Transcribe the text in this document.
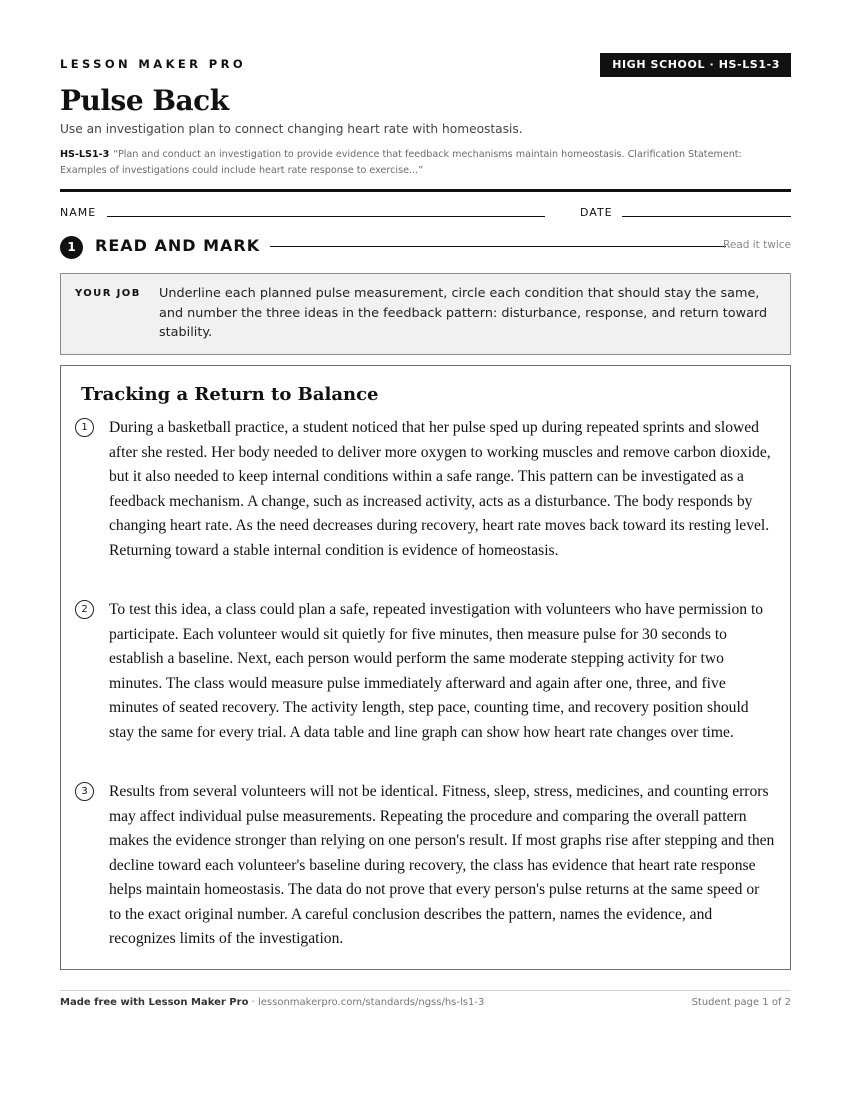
LESSON MAKER PRO	HIGH SCHOOL · HS-LS1-3
Pulse Back
Use an investigation plan to connect changing heart rate with homeostasis.
HS-LS1-3 “Plan and conduct an investigation to provide evidence that feedback mechanisms maintain homeostasis. Clarification Statement: Examples of investigations could include heart rate response to exercise...”
NAME	DATE
1	READ AND MARK	Read it twice
YOUR JOB Underline each planned pulse measurement, circle each condition that should stay the same, and number the three ideas in the feedback pattern: disturbance, response, and return toward stability.
Tracking a Return to Balance
1	During a basketball practice, a student noticed that her pulse sped up during repeated sprints and slowed after she rested. Her body needed to deliver more oxygen to working muscles and remove carbon dioxide, but it also needed to keep internal conditions within a safe range. This pattern can be investigated as a feedback mechanism. A change, such as increased activity, acts as a disturbance. The body responds by changing heart rate. As the need decreases during recovery, heart rate moves back toward its resting level. Returning toward a stable internal condition is evidence of homeostasis.
2	To test this idea, a class could plan a safe, repeated investigation with volunteers who have permission to participate. Each volunteer would sit quietly for five minutes, then measure pulse for 30 seconds to establish a baseline. Next, each person would perform the same moderate stepping activity for two minutes. The class would measure pulse immediately afterward and again after one, three, and five minutes of seated recovery. The activity length, step pace, counting time, and recovery position should stay the same for every trial. A data table and line graph can show how heart rate changes over time.
3	Results from several volunteers will not be identical. Fitness, sleep, stress, medicines, and counting errors may affect individual pulse measurements. Repeating the procedure and comparing the overall pattern makes the evidence stronger than relying on one person's result. If most graphs rise after stepping and then decline toward each volunteer's baseline during recovery, the class has evidence that heart rate response helps maintain homeostasis. The data do not prove that every person's pulse returns at the same speed or to the exact original number. A careful conclusion describes the pattern, names the evidence, and recognizes limits of the investigation.
Made free with Lesson Maker Pro · lessonmakerpro.com/standards/ngss/hs-ls1-3	Student page 1 of 2
